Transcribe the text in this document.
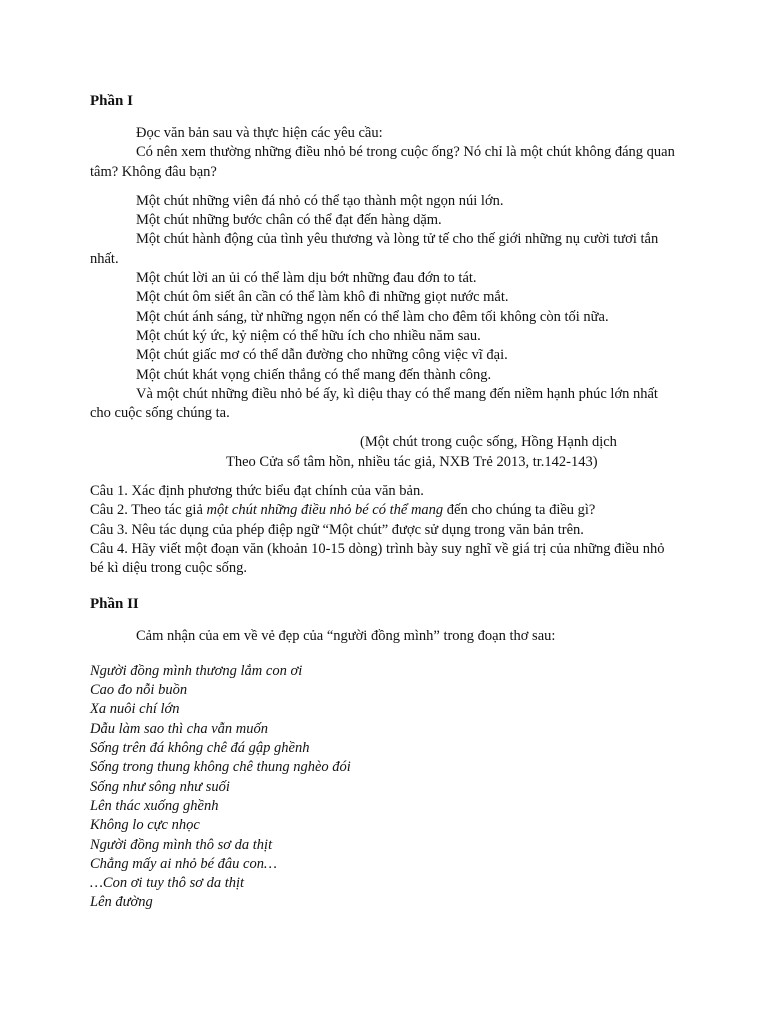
Phần I

Đọc văn bản sau và thực hiện các yêu cầu:

Có nên xem thường những điều nhỏ bé trong cuộc ống? Nó chỉ là một chút không đáng quan tâm? Không đâu bạn?

Một chút những viên đá nhỏ có thể tạo thành một ngọn núi lớn.

Một chút những bước chân có thể đạt đến hàng dặm.

Một chút hành động của tình yêu thương và lòng tử tế cho thế giới những nụ cười tươi tắn nhất.

Một chút lời an ủi có thể làm dịu bớt những đau đớn to tát.

Một chút ôm siết ân cần có thể làm khô đi những giọt nước mắt.

Một chút ánh sáng, từ những ngọn nến có thể làm cho đêm tối không còn tối nữa.

Một chút ký ức, kỷ niệm có thể hữu ích cho nhiều năm sau.

Một chút giấc mơ có thể dẫn đường cho những công việc vĩ đại.

Một chút khát vọng chiến thắng có thể mang đến thành công.

Và một chút những điều nhỏ bé ấy, kì diệu thay có thể mang đến niềm hạnh phúc lớn nhất cho cuộc sống chúng ta.

(Một chút trong cuộc sống, Hồng Hạnh dịch

Theo Cửa sổ tâm hồn, nhiều tác giả, NXB Trẻ 2013, tr.142-143)

Câu 1. Xác định phương thức biểu đạt chính của văn bản.

Câu 2. Theo tác giả một chút những điều nhỏ bé có thể mang đến cho chúng ta điều gì?

Câu 3. Nêu tác dụng của phép điệp ngữ “Một chút” được sử dụng trong văn bản trên.

Câu 4. Hãy viết một đoạn văn (khoản 10-15 dòng) trình bày suy nghĩ về giá trị của những điều nhỏ bé kì diệu trong cuộc sống.

Phần II

Cảm nhận của em về vẻ đẹp của “người đồng mình” trong đoạn thơ sau:

Người đồng mình thương lắm con ơi

Cao đo nỗi buồn

Xa nuôi chí lớn

Dẫu làm sao thì cha vẫn muốn

Sống trên đá không chê đá gập ghềnh

Sống trong thung không chê thung nghèo đói

Sống như sông như suối

Lên thác xuống ghềnh

Không lo cực nhọc

Người đồng mình thô sơ da thịt

Chẳng mấy ai nhỏ bé đâu con…

…Con ơi tuy thô sơ da thịt

Lên đường
